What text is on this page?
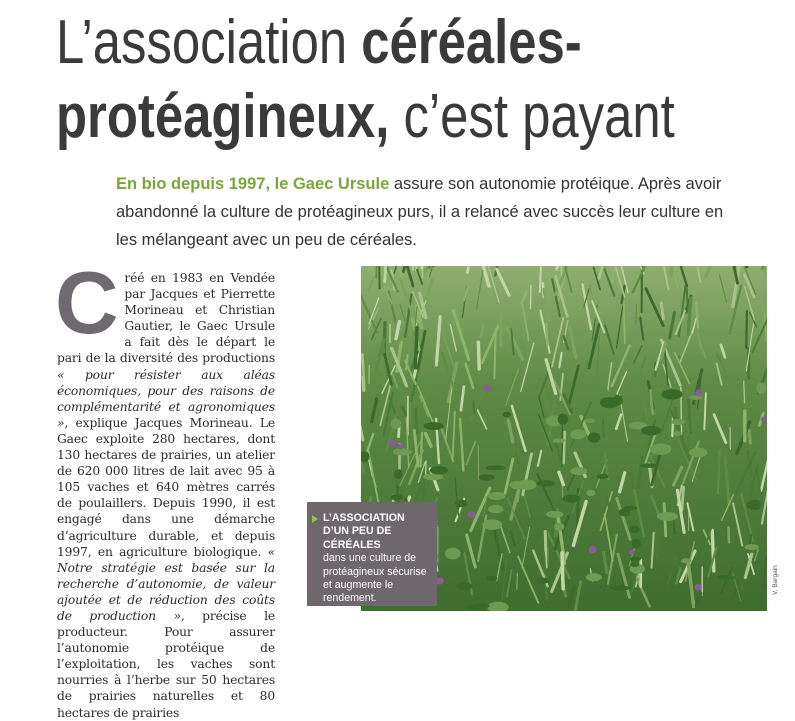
L’association céréales-
protéagineux, c’est payant
En bio depuis 1997, le Gaec Ursule assure son autonomie protéique. Après avoir abandonné la culture de protéagineux purs, il a relancé avec succès leur culture en les mélangeant avec un peu de céréales.
Créé en 1983 en Vendée par Jacques et Pierrette Morineau et Christian Gautier, le Gaec Ursule a fait dès le départ le pari de la diversité des productions « pour résister aux aléas économiques, pour des raisons de complémentarité et agronomiques », explique Jacques Morineau. Le Gaec exploite 280 hectares, dont 130 hectares de prairies, un atelier de 620 000 litres de lait avec 95 à 105 vaches et 640 mètres carrés de poulaillers. Depuis 1990, il est engagé dans une démarche d’agriculture durable, et depuis 1997, en agriculture biologique. « Notre stratégie est basée sur la recherche d’autonomie, de valeur ajoutée et de réduction des coûts de production », précise le producteur. Pour assurer l’autonomie protéique de l’exploitation, les vaches sont nourries à l’herbe sur 50 hectares de prairies naturelles et 80 hectares de prairies
L’ASSOCIATION D’UN PEU DE CÉRÉALES
dans une culture de protéagineux sécurise et augmente le rendement.
V. Bargain
